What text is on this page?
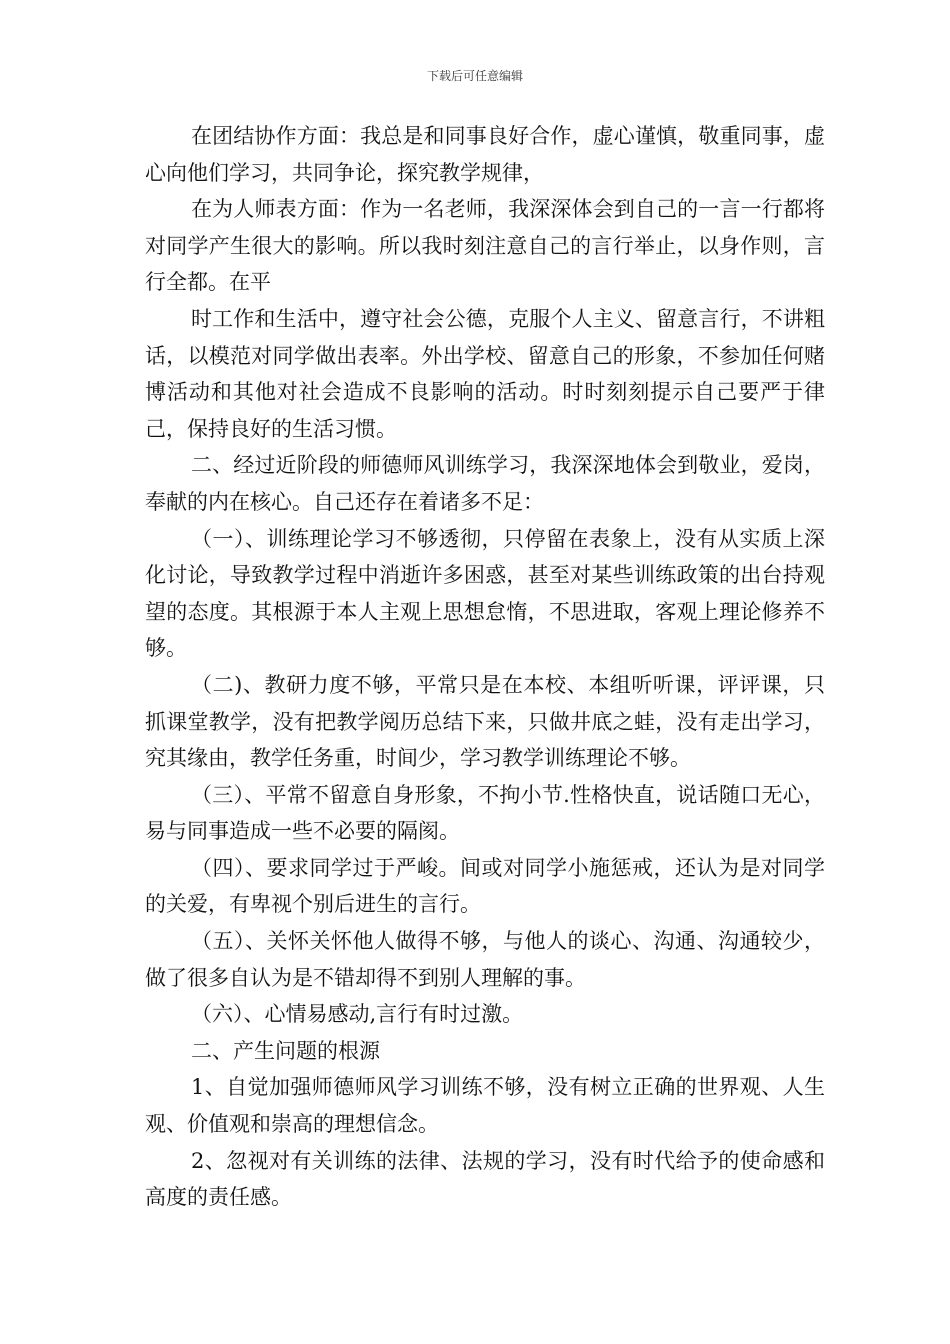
下载后可任意编辑

在团结协作方面：我总是和同事良好合作，虚心谨慎，敬重同事，虚心向他们学习，共同争论，探究教学规律，

在为人师表方面：作为一名老师，我深深体会到自己的一言一行都将对同学产生很大的影响。所以我时刻注意自己的言行举止，以身作则，言行全都。在平

时工作和生活中，遵守社会公德，克服个人主义、留意言行，不讲粗话，以模范对同学做出表率。外出学校、留意自己的形象，不参加任何赌博活动和其他对社会造成不良影响的活动。时时刻刻提示自己要严于律己，保持良好的生活习惯。

二、经过近阶段的师德师风训练学习，我深深地体会到敬业，爱岗，奉献的内在核心。自己还存在着诸多不足：

（一）、训练理论学习不够透彻，只停留在表象上，没有从实质上深化讨论，导致教学过程中消逝许多困惑，甚至对某些训练政策的出台持观望的态度。其根源于本人主观上思想怠惰，不思进取，客观上理论修养不够。

（二)、教研力度不够，平常只是在本校、本组听听课，评评课，只抓课堂教学，没有把教学阅历总结下来，只做井底之蛙，没有走出学习，究其缘由，教学任务重，时间少，学习教学训练理论不够。

（三）、平常不留意自身形象，不拘小节.性格快直，说话随口无心，易与同事造成一些不必要的隔阂。

（四）、要求同学过于严峻。间或对同学小施惩戒，还认为是对同学的关爱，有卑视个别后进生的言行。

（五）、关怀关怀他人做得不够，与他人的谈心、沟通、沟通较少，做了很多自认为是不错却得不到别人理解的事。

（六）、心情易感动,言行有时过激。

二、产生问题的根源

1、自觉加强师德师风学习训练不够，没有树立正确的世界观、人生观、价值观和崇高的理想信念。

2、忽视对有关训练的法律、法规的学习，没有时代给予的使命感和高度的责任感。
